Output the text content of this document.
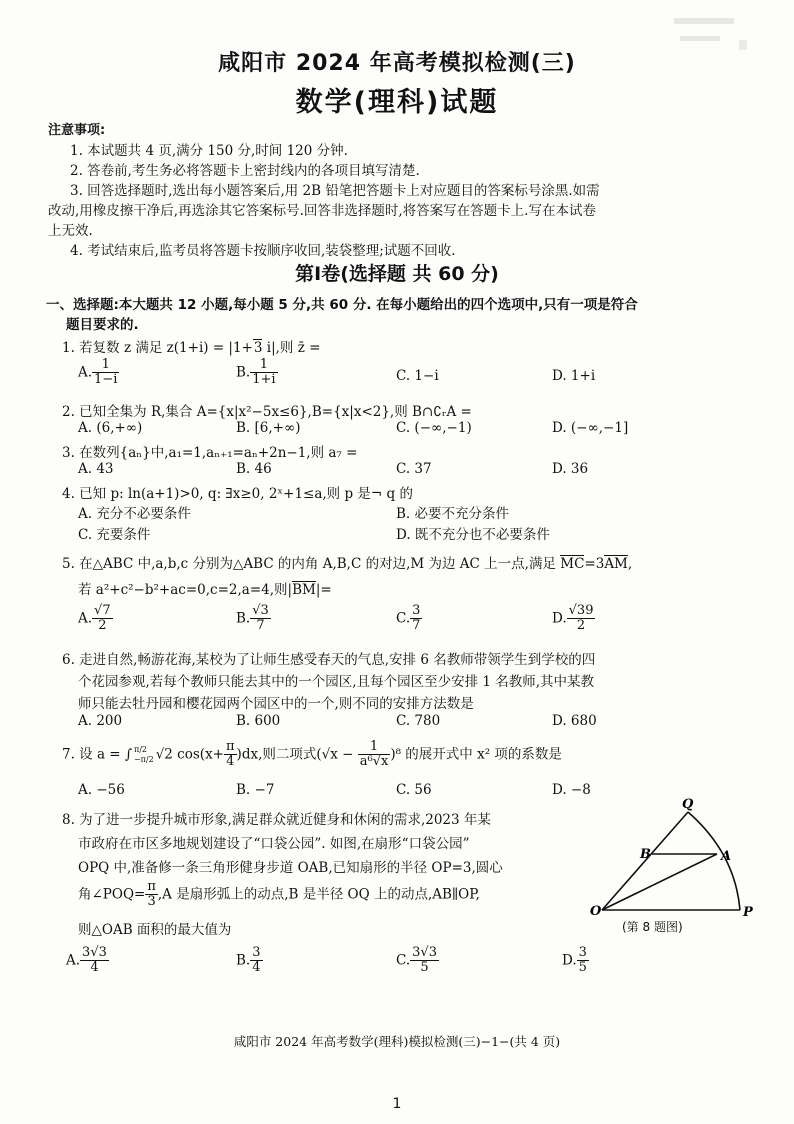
咸阳市 2024 年高考模拟检测(三)
数学(理科)试题
注意事项:
1. 本试题共 4 页,满分 150 分,时间 120 分钟.
2. 答卷前,考生务必将答题卡上密封线内的各项目填写清楚.
3. 回答选择题时,选出每小题答案后,用 2B 铅笔把答题卡上对应题目的答案标号涂黑.如需
改动,用橡皮擦干净后,再选涂其它答案标号.回答非选择题时,将答案写在答题卡上.写在本试卷
上无效.
4. 考试结束后,监考员将答题卡按顺序收回,装袋整理;试题不回收.
第Ⅰ卷(选择题 共 60 分)
一、选择题:本大题共 12 小题,每小题 5 分,共 60 分. 在每小题给出的四个选项中,只有一项是符合
题目要求的.
1. 若复数 z 满足 z(1+i) = |1+3 i|,则 z̄ =
A. $\frac{1}{1-i}$	B. $\frac{1}{1+i}$	C. 1−i	D. 1+i
2. 已知全集为 R,集合 A={x|x²−5x≤6},B={x|x<2},则 B∩∁ᵣA =
A. (6,+∞)	B. [6,+∞)	C. (−∞,−1)	D. (−∞,−1]
3. 在数列{aₙ}中,a₁=1,aₙ₊₁=aₙ+2n−1,则 a₇ =
A. 43	B. 46	C. 37	D. 36
4. 已知 p: ln(a+1)>0, q: ∃x≥0, 2ˣ+1≤a,则 p 是¬ q 的
A. 充分不必要条件	B. 必要不充分条件
C. 充要条件	D. 既不充分也不必要条件
5. 在△ABC 中,a,b,c 分别为△ABC 的内角 A,B,C 的对边,M 为边 AC 上一点,满足 MC=3AM,
若 a²+c²−b²+ac=0,c=2,a=4,则|BM|=
A. $\frac{√7}{2}$	B. $\frac{√3}{7}$	C. $\frac{3}{7}$	D. $\frac{√39}{2}$
6. 走进自然,畅游花海,某校为了让师生感受春天的气息,安排 6 名教师带领学生到学校的四
个花园参观,若每个教师只能去其中的一个园区,且每个园区至少安排 1 名教师,其中某教
师只能去牡丹园和樱花园两个园区中的一个,则不同的安排方法数是
A. 200	B. 600	C. 780	D. 680
7. 设 a = ∫ π/2
−π/2 √2 $\cos(x+ \frac{\pi}{4} )dx$,则二项式$(√x - \frac{1}{\text{a⁶√x}} )^8$ 的展开式中 x² 项的系数是
A. −56	B. −7	C. 56	D. −8
8. 为了进一步提升城市形象,满足群众就近健身和休闲的需求,2023 年某
市政府在市区多地规划建设了“口袋公园”. 如图,在扇形“口袋公园”
OPQ 中,准备修一条三角形健身步道 OAB,已知扇形的半径 OP=3,圆心
角∠POQ= $\frac{\pi}{3} ,A$ 是扇形弧上的动点,B 是半径 OQ 上的动点,AB∥OP,
则△OAB 面积的最大值为
A. $\frac{3√3}{4}$	B. $\frac{3}{4}$	C. $\frac{3√3}{5}$	D. $\frac{3}{5}$
Q
B	A
O	P
(第 8 题图)
咸阳市 2024 年高考数学(理科)模拟检测(三)−1−(共 4 页)
1
